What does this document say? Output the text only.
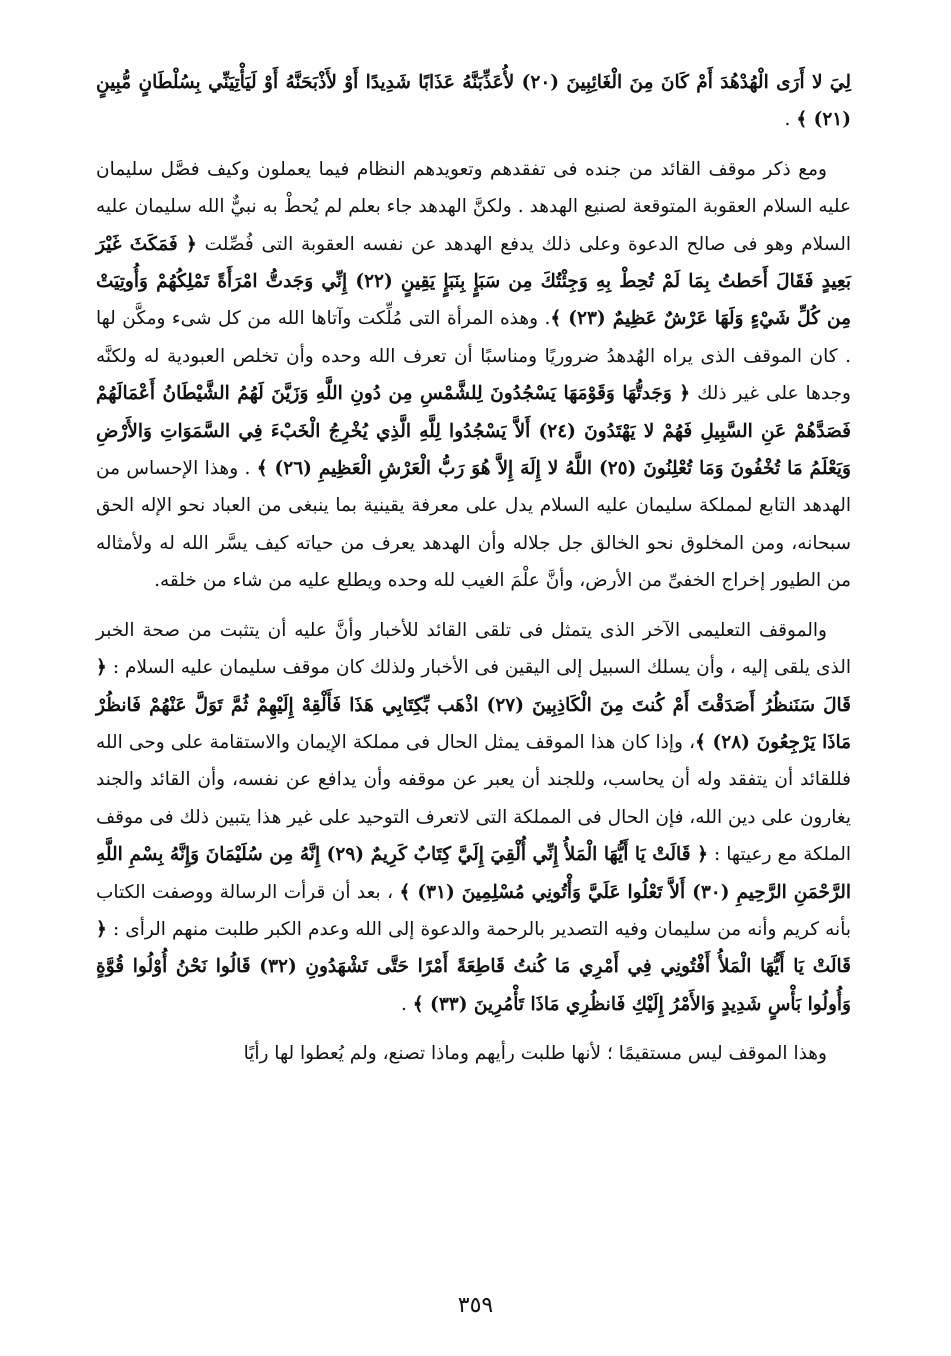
لِيَ لا أَرَى الْهُدْهُدَ أَمْ كَانَ مِنَ الْغَائِبِينَ (٢٠) لأُعَذِّبَنَّهُ عَذَابًا شَدِيدًا أَوْ لأَذْبَحَنَّهُ أَوْ لَيَأْتِيَنِّي بِسُلْطَانٍ مُّبِينٍ (٢١) ﴾ .

ومع ذكر موقف القائد من جنده فى تفقدهم وتعويدهم النظام فيما يعملون وكيف فصَّل سليمان عليه السلام العقوبة المتوقعة لصنيع الهدهد . ولكنَّ الهدهد جاء بعلم لم يُحطْ به نبيٌّ الله سليمان عليه السلام وهو فى صالح الدعوة وعلى ذلك يدفع الهدهد عن نفسه العقوبة التى فُصِّلت ﴿ فَمَكَثَ غَيْرَ بَعِيدٍ فَقَالَ أَحَطتُ بِمَا لَمْ تُحِطْ بِهِ وَجِئْتُكَ مِن سَبَإٍ بِنَبَإٍ يَقِينٍ (٢٢) إِنِّي وَجَدتُّ امْرَأَةً تَمْلِكُهُمْ وَأُوتِيَتْ مِن كُلِّ شَيْءٍ وَلَهَا عَرْشٌ عَظِيمٌ (٢٣) ﴾. وهذه المرأة التى مُلِّكت وآتاها الله من كل شىء ومكَّن لها . كان الموقف الذى يراه الهُدهدُ ضروريًا ومناسبًا أن تعرف الله وحده وأن تخلص العبودية له ولكنَّه وجدها على غير ذلك ﴿ وَجَدتُّهَا وَقَوْمَهَا يَسْجُدُونَ لِلشَّمْسِ مِن دُونِ اللَّهِ وَزَيَّنَ لَهُمُ الشَّيْطَانُ أَعْمَالَهُمْ فَصَدَّهُمْ عَنِ السَّبِيلِ فَهُمْ لا يَهْتَدُونَ (٢٤) أَلاَّ يَسْجُدُوا لِلَّهِ الَّذِي يُخْرِجُ الْخَبْءَ فِي السَّمَوَاتِ وَالأَرْضِ وَيَعْلَمُ مَا تُخْفُونَ وَمَا تُعْلِنُونَ (٢٥) اللَّهُ لا إِلَهَ إِلاَّ هُوَ رَبُّ الْعَرْشِ الْعَظِيمِ (٢٦) ﴾ . وهذا الإحساس من الهدهد التابع لمملكة سليمان عليه السلام يدل على معرفة يقينية بما ينبغى من العباد نحو الإله الحق سبحانه، ومن المخلوق نحو الخالق جل جلاله وأن الهدهد يعرف من حياته كيف يسَّر الله له ولأمثاله من الطيور إخراج الخفىِّ من الأرض، وأنَّ علْمَ الغيب لله وحده ويطلع عليه من شاء من خلقه.

والموقف التعليمى الآخر الذى يتمثل فى تلقى القائد للأخبار وأنَّ عليه أن يتثبت من صحة الخبر الذى يلقى إليه ، وأن يسلك السبيل إلى اليقين فى الأخبار ولذلك كان موقف سليمان عليه السلام : ﴿ قَالَ سَنَنظُرُ أَصَدَقْتَ أَمْ كُنتَ مِنَ الْكَاذِبِينَ (٢٧) اذْهَب بِّكِتَابِي هَذَا فَأَلْقِهْ إِلَيْهِمْ ثُمَّ تَوَلَّ عَنْهُمْ فَانظُرْ مَاذَا يَرْجِعُونَ (٢٨) ﴾، وإذا كان هذا الموقف يمثل الحال فى مملكة الإيمان والاستقامة على وحى الله فللقائد أن يتفقد وله أن يحاسب، وللجند أن يعبر عن موقفه وأن يدافع عن نفسه، وأن القائد والجند يغارون على دين الله، فإن الحال فى المملكة التى لاتعرف التوحيد على غير هذا يتبين ذلك فى موقف الملكة مع رعيتها : ﴿ قَالَتْ يَا أَيُّهَا الْمَلأُ إِنِّي أُلْقِيَ إِلَيَّ كِتَابٌ كَرِيمٌ (٢٩) إِنَّهُ مِن سُلَيْمَانَ وَإِنَّهُ بِسْمِ اللَّهِ الرَّحْمَنِ الرَّحِيمِ (٣٠) أَلاَّ تَعْلُوا عَلَيَّ وَأْتُونِي مُسْلِمِينَ (٣١) ﴾ ، بعد أن قرأت الرسالة ووصفت الكتاب بأنه كريم وأنه من سليمان وفيه التصدير بالرحمة والدعوة إلى الله وعدم الكبر طلبت منهم الرأى : ﴿ قَالَتْ يَا أَيُّهَا الْمَلأُ أَفْتُونِي فِي أَمْرِي مَا كُنتُ قَاطِعَةً أَمْرًا حَتَّى تَشْهَدُونِ (٣٢) قَالُوا نَحْنُ أُوْلُوا قُوَّةٍ وَأُولُوا بَأْسٍ شَدِيدٍ وَالأَمْرُ إِلَيْكِ فَانظُرِي مَاذَا تَأْمُرِينَ (٣٣) ﴾ .

وهذا الموقف ليس مستقيمًا ؛ لأنها طلبت رأيهم وماذا تصنع، ولم يُعطوا لها رأيًا

٣٥٩
